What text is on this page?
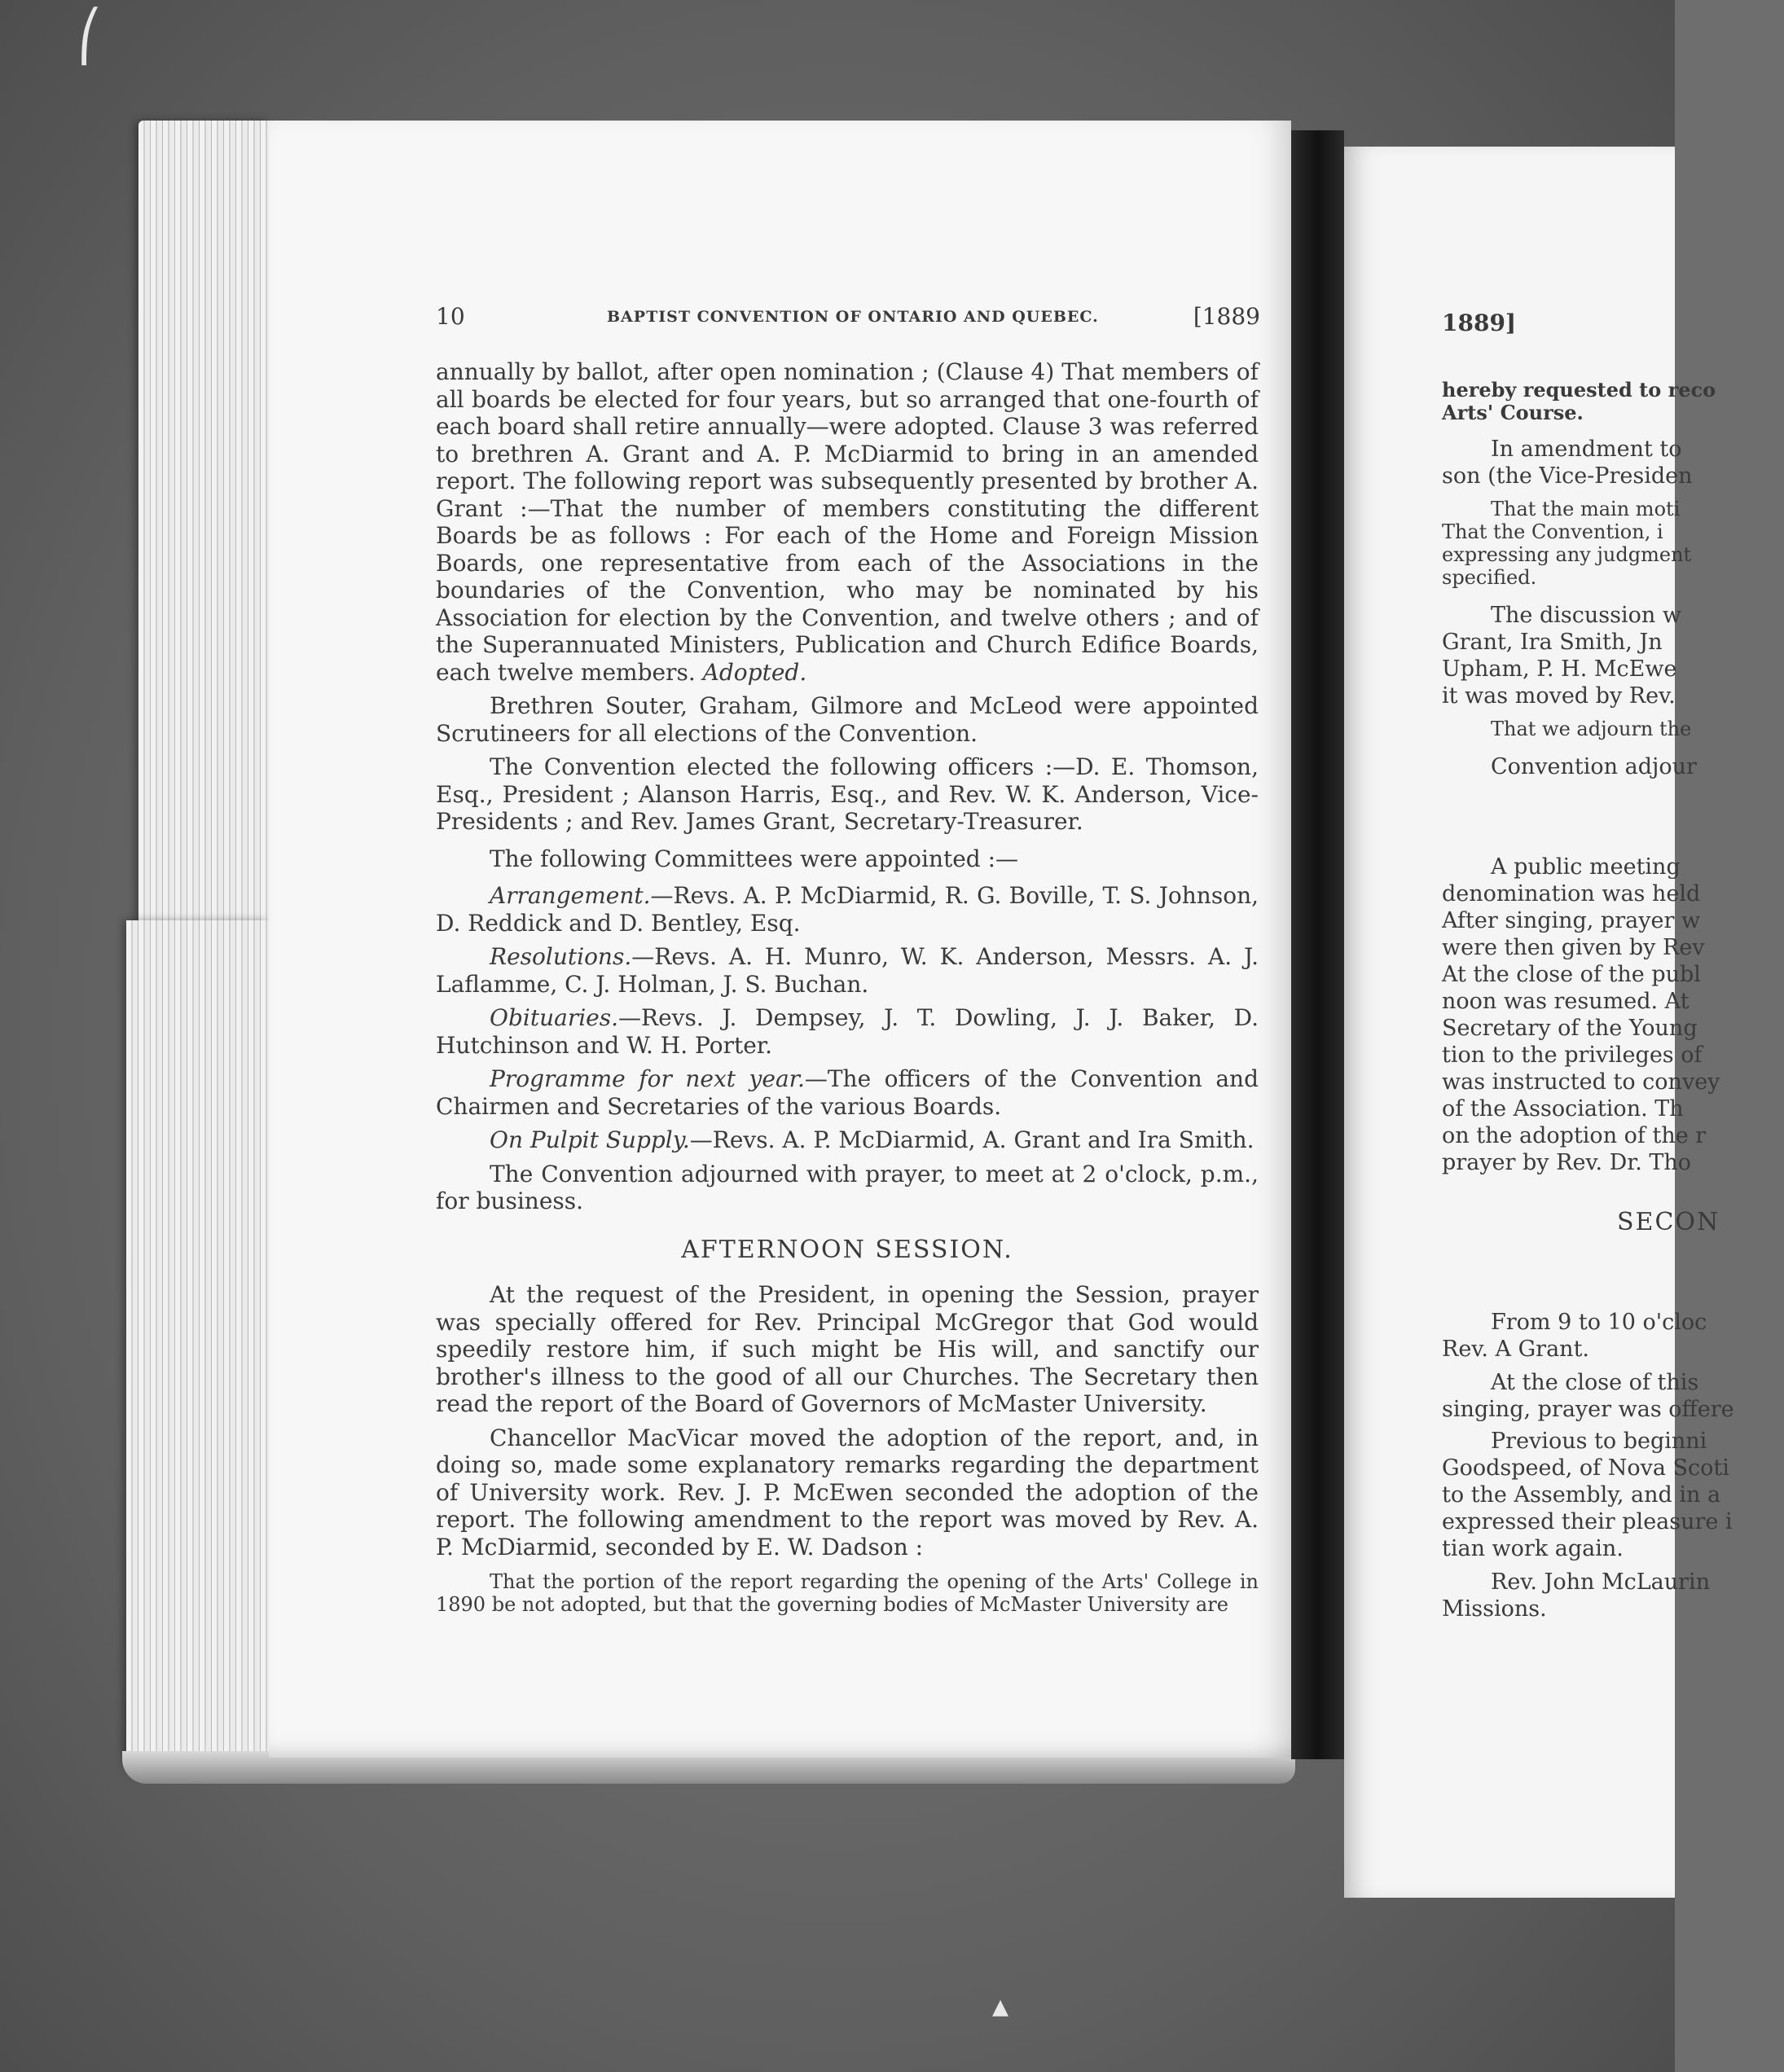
⎛
▴
10	BAPTIST CONVENTION OF ONTARIO AND QUEBEC.	[1889

annually by ballot, after open nomination ; (Clause 4) That members of all boards be elected for four years, but so arranged that one-fourth of each board shall retire annually—were adopted. Clause 3 was referred to brethren A. Grant and A. P. McDiarmid to bring in an amended report. The following report was subsequently presented by brother A. Grant :—That the number of members constituting the different Boards be as follows : For each of the Home and Foreign Mission Boards, one representative from each of the Associations in the boundaries of the Convention, who may be nominated by his Association for election by the Convention, and twelve others ; and of the Superannuated Ministers, Publication and Church Edifice Boards, each twelve members. Adopted.

Brethren Souter, Graham, Gilmore and McLeod were appointed Scrutineers for all elections of the Convention.

The Convention elected the following officers :—D. E. Thomson, Esq., President ; Alanson Harris, Esq., and Rev. W. K. Anderson, Vice-Presidents ; and Rev. James Grant, Secretary-Treasurer.

The following Committees were appointed :—

Arrangement.—Revs. A. P. McDiarmid, R. G. Boville, T. S. Johnson, D. Reddick and D. Bentley, Esq.

Resolutions.—Revs. A. H. Munro, W. K. Anderson, Messrs. A. J. Laflamme, C. J. Holman, J. S. Buchan.

Obituaries.—Revs. J. Dempsey, J. T. Dowling, J. J. Baker, D. Hutchinson and W. H. Porter.

Programme for next year.—The officers of the Convention and Chairmen and Secretaries of the various Boards.

On Pulpit Supply.—Revs. A. P. McDiarmid, A. Grant and Ira Smith.

The Convention adjourned with prayer, to meet at 2 o'clock, p.m., for business.

AFTERNOON SESSION.

At the request of the President, in opening the Session, prayer was specially offered for Rev. Principal McGregor that God would speedily restore him, if such might be His will, and sanctify our brother's illness to the good of all our Churches. The Secretary then read the report of the Board of Governors of McMaster University.

Chancellor MacVicar moved the adoption of the report, and, in doing so, made some explanatory remarks regarding the department of University work. Rev. J. P. McEwen seconded the adoption of the report. The following amendment to the report was moved by Rev. A. P. McDiarmid, seconded by E. W. Dadson :

That the portion of the report regarding the opening of the Arts' College in 1890 be not adopted, but that the governing bodies of McMaster University are

1889]

hereby requested to reco

Arts' Course.

In amendment to

son (the Vice-Presiden

That the main moti

That the Convention, i

expressing any judgment

specified.

The discussion w

Grant, Ira Smith, Jn

Upham, P. H. McEwe

it was moved by Rev.

That we adjourn the

Convention adjour

A public meeting

denomination was held

After singing, prayer w

were then given by Rev

At the close of the publ

noon was resumed. At

Secretary of the Young

tion to the privileges of

was instructed to convey

of the Association. Th

on the adoption of the r

prayer by Rev. Dr. Tho

SECON

From 9 to 10 o'cloc

Rev. A Grant.

At the close of this

singing, prayer was offere

Previous to beginni

Goodspeed, of Nova Scoti

to the Assembly, and in a

expressed their pleasure i

tian work again.

Rev. John McLaurin

Missions.
